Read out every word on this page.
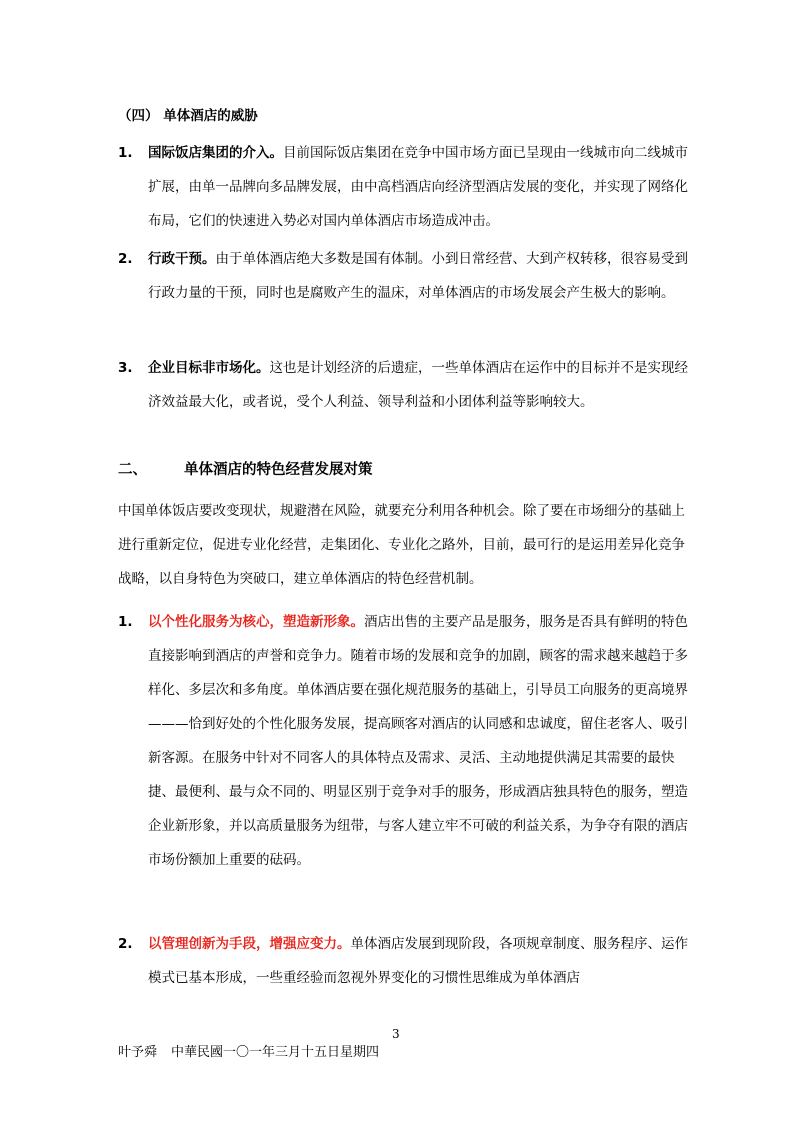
（四） 单体酒店的威胁
1. 国际饭店集团的介入。目前国际饭店集团在竞争中国市场方面已呈现由一线城市向二线城市扩展，由单一品牌向多品牌发展，由中高档酒店向经济型酒店发展的变化，并实现了网络化布局，它们的快速进入势必对国内单体酒店市场造成冲击。
2. 行政干预。由于单体酒店绝大多数是国有体制。小到日常经营、大到产权转移，很容易受到行政力量的干预，同时也是腐败产生的温床，对单体酒店的市场发展会产生极大的影响。
3. 企业目标非市场化。这也是计划经济的后遗症，一些单体酒店在运作中的目标并不是实现经济效益最大化，或者说，受个人利益、领导利益和小团体利益等影响较大。
二、	单体酒店的特色经营发展对策
中国单体饭店要改变现状，规避潜在风险，就要充分利用各种机会。除了要在市场细分的基础上进行重新定位，促进专业化经营，走集团化、专业化之路外，目前，最可行的是运用差异化竞争战略，以自身特色为突破口，建立单体酒店的特色经营机制。
1. 以个性化服务为核心，塑造新形象。酒店出售的主要产品是服务，服务是否具有鲜明的特色直接影响到酒店的声誉和竞争力。随着市场的发展和竞争的加剧，顾客的需求越来越趋于多样化、多层次和多角度。单体酒店要在强化规范服务的基础上，引导员工向服务的更高境界———恰到好处的个性化服务发展，提高顾客对酒店的认同感和忠诚度，留住老客人、吸引新客源。在服务中针对不同客人的具体特点及需求、灵活、主动地提供满足其需要的最快捷、最便利、最与众不同的、明显区别于竞争对手的服务，形成酒店独具特色的服务，塑造企业新形象，并以高质量服务为纽带，与客人建立牢不可破的利益关系，为争夺有限的酒店市场份额加上重要的砝码。
2. 以管理创新为手段，增强应变力。单体酒店发展到现阶段，各项规章制度、服务程序、运作模式已基本形成，一些重经验而忽视外界变化的习惯性思维成为单体酒店
3
叶予舜 中華民國一〇一年三月十五日星期四
